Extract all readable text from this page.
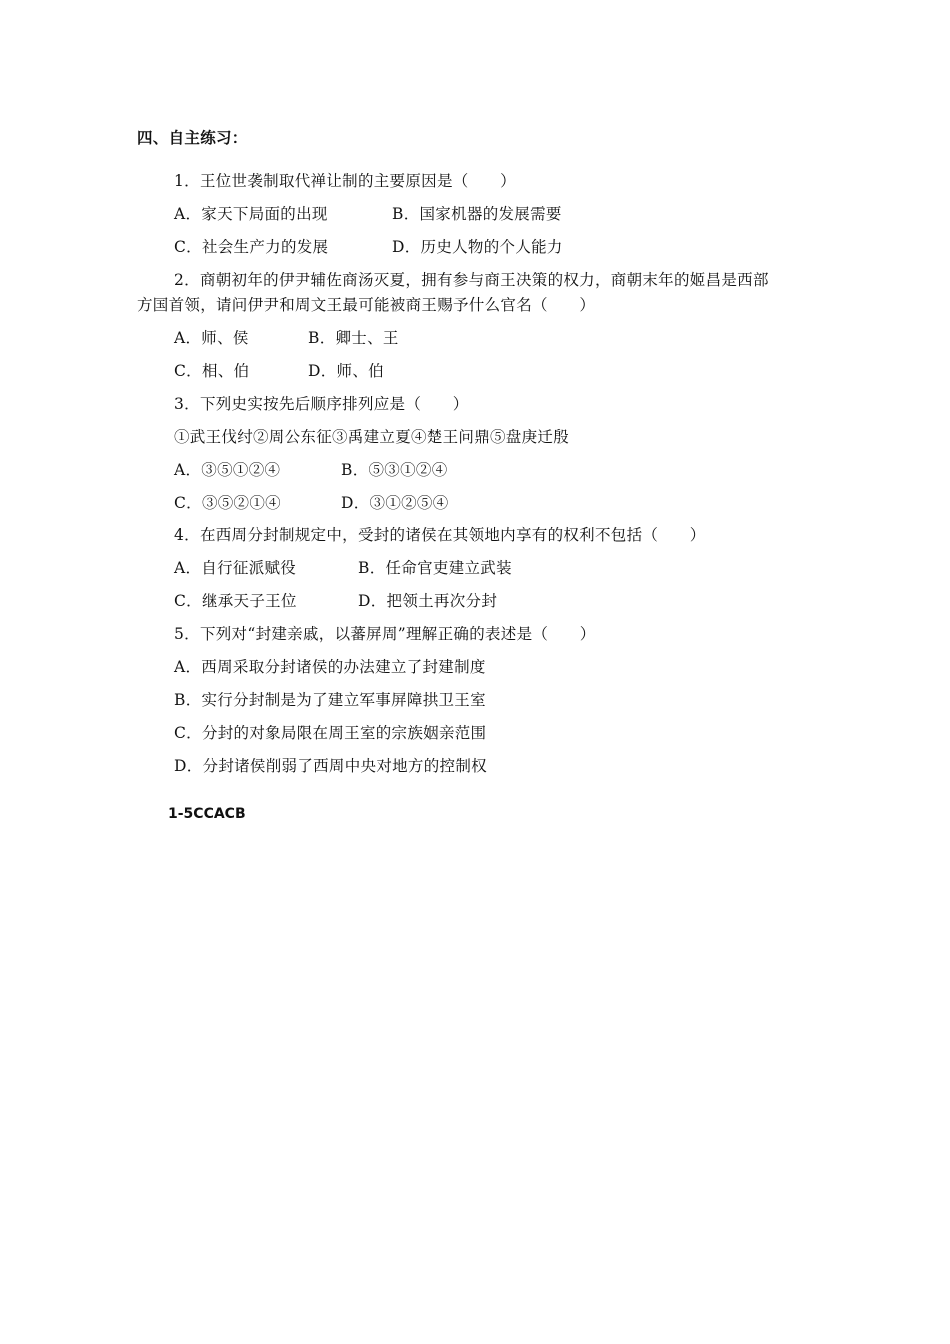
四、自主练习：
1．王位世袭制取代禅让制的主要原因是（　　）
A．家天下局面的出现	B．国家机器的发展需要
C．社会生产力的发展	D．历史人物的个人能力
2．商朝初年的伊尹辅佐商汤灭夏，拥有参与商王决策的权力，商朝末年的姬昌是西部
方国首领，请问伊尹和周文王最可能被商王赐予什么官名（　　）
A．师、侯	B．卿士、王
C．相、伯	D．师、伯
3．下列史实按先后顺序排列应是（　　）
①武王伐纣②周公东征③禹建立夏④楚王问鼎⑤盘庚迁殷
A．③⑤①②④	B．⑤③①②④
C．③⑤②①④	D．③①②⑤④
4．在西周分封制规定中，受封的诸侯在其领地内享有的权利不包括（　　）
A．自行征派赋役	B．任命官吏建立武装
C．继承天子王位	D．把领土再次分封
5．下列对“封建亲戚，以蕃屏周”理解正确的表述是（　　）
A．西周采取分封诸侯的办法建立了封建制度
B．实行分封制是为了建立军事屏障拱卫王室
C．分封的对象局限在周王室的宗族姻亲范围
D．分封诸侯削弱了西周中央对地方的控制权
1-5CCACB
